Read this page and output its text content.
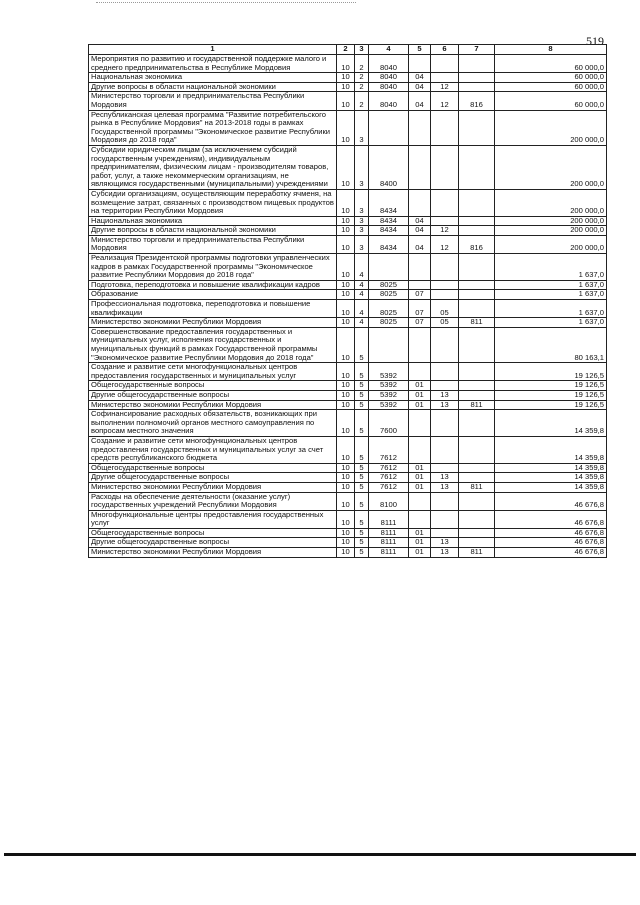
519
1	2	3	4	5	6	7	8
Мероприятия по развитию и государственной поддержке малого и среднего предпринимательства в Республике Мордовия	10	2	8040				60 000,0
Национальная экономика	10	2	8040	04			60 000,0
Другие вопросы в области национальной экономики	10	2	8040	04	12		60 000,0
Министерство торговли и предпринимательства Республики Мордовия	10	2	8040	04	12	816	60 000,0
Республиканская целевая программа "Развитие потребительского рынка в Республике Мордовия" на 2013-2018 годы в рамках Государственной программы "Экономическое развитие Республики Мордовия до 2018 года"	10	3					200 000,0
Субсидии юридическим лицам (за исключением субсидий государственным учреждениям), индивидуальным предпринимателям, физическим лицам - производителям товаров, работ, услуг, а также некоммерческим организациям, не являющимся государственными (муниципальными) учреждениями	10	3	8400				200 000,0
Субсидии организациям, осуществляющим переработку ячменя, на возмещение затрат, связанных с производством пищевых продуктов на территории Республики Мордовия	10	3	8434				200 000,0
Национальная экономика	10	3	8434	04			200 000,0
Другие вопросы в области национальной экономики	10	3	8434	04	12		200 000,0
Министерство торговли и предпринимательства Республики Мордовия	10	3	8434	04	12	816	200 000,0
Реализация Президентской программы подготовки управленческих кадров в рамках Государственной программы "Экономическое развитие Республики Мордовия до 2018 года"	10	4					1 637,0
Подготовка, переподготовка и повышение квалификации кадров	10	4	8025				1 637,0
Образование	10	4	8025	07			1 637,0
Профессиональная подготовка, переподготовка и повышение квалификации	10	4	8025	07	05		1 637,0
Министерство экономики Республики Мордовия	10	4	8025	07	05	811	1 637,0
Совершенствование предоставления государственных и муниципальных услуг, исполнения государственных и муниципальных функций в рамках Государственной программы "Экономическое развитие Республики Мордовия до 2018 года"	10	5					80 163,1
Создание и развитие сети многофункциональных центров предоставления государственных и муниципальных услуг	10	5	5392				19 126,5
Общегосударственные вопросы	10	5	5392	01			19 126,5
Другие общегосударственные вопросы	10	5	5392	01	13		19 126,5
Министерство экономики Республики Мордовия	10	5	5392	01	13	811	19 126,5
Софинансирование расходных обязательств, возникающих при выполнении полномочий органов местного самоуправления по вопросам местного значения	10	5	7600				14 359,8
Создание и развитие сети многофункциональных центров предоставления государственных и муниципальных услуг за счет средств республиканского бюджета	10	5	7612				14 359,8
Общегосударственные вопросы	10	5	7612	01			14 359,8
Другие общегосударственные вопросы	10	5	7612	01	13		14 359,8
Министерство экономики Республики Мордовия	10	5	7612	01	13	811	14 359,8
Расходы на обеспечение деятельности (оказание услуг) государственных учреждений Республики Мордовия	10	5	8100				46 676,8
Многофункциональные центры предоставления государственных услуг	10	5	8111				46 676,8
Общегосударственные вопросы	10	5	8111	01			46 676,8
Другие общегосударственные вопросы	10	5	8111	01	13		46 676,8
Министерство экономики Республики Мордовия	10	5	8111	01	13	811	46 676,8
